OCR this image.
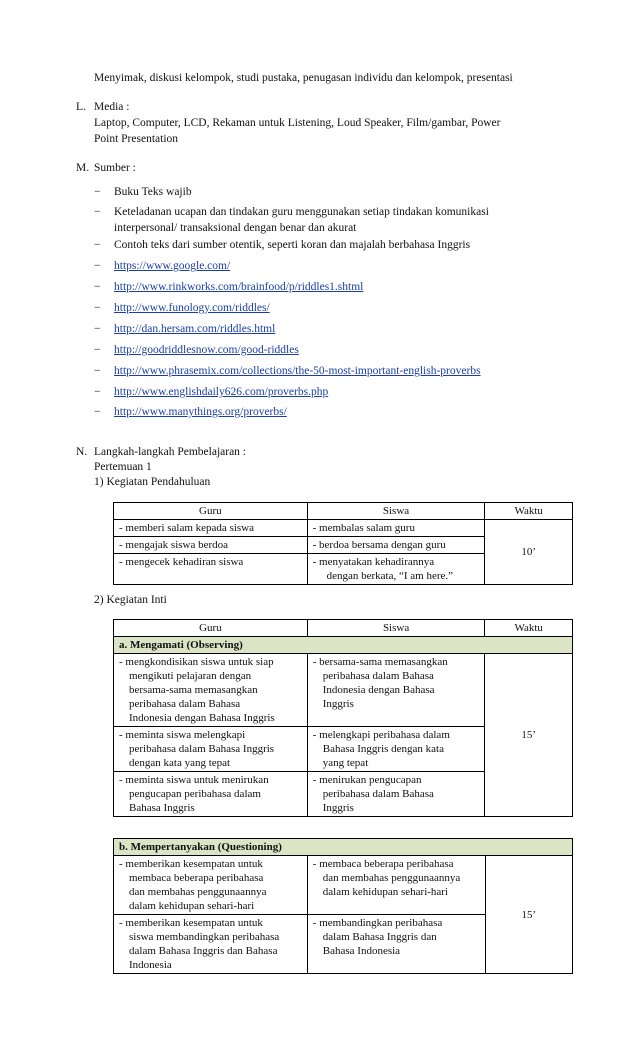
Menyimak, diskusi kelompok, studi pustaka, penugasan individu dan kelompok, presentasi
L. Media :
Laptop, Computer, LCD, Rekaman untuk Listening, Loud Speaker, Film/gambar, Power
Point Presentation
M. Sumber :
− Buku Teks wajib
− Keteladanan ucapan dan tindakan guru menggunakan setiap tindakan komunikasi
interpersonal/ transaksional dengan benar dan akurat
− Contoh teks dari sumber otentik, seperti koran dan majalah berbahasa Inggris
− https://www.google.com/
− http://www.rinkworks.com/brainfood/p/riddles1.shtml
− http://www.funology.com/riddles/
− http://dan.hersam.com/riddles.html
− http://goodriddlesnow.com/good-riddles
− http://www.phrasemix.com/collections/the-50-most-important-english-proverbs
− http://www.englishdaily626.com/proverbs.php
− http://www.manythings.org/proverbs/
N. Langkah-langkah Pembelajaran :
Pertemuan 1
1) Kegiatan Pendahuluan
Guru	Siswa	Waktu

- memberi salam kepada siswa	- membalas salam guru	10’

- mengajak siswa berdoa	- berdoa bersama dengan guru	

- mengecek kehadiran siswa	- menyatakan kehadirannya
dengan berkata, “I am here.”	
2) Kegiatan Inti
Guru	Siswa	Waktu
a. Mengamati (Observing)		

- mengkondisikan siswa untuk siap
mengikuti pelajaran dengan
bersama-sama memasangkan
peribahasa dalam Bahasa
Indonesia dengan Bahasa Inggris	- bersama-sama memasangkan
peribahasa dalam Bahasa
Indonesia dengan Bahasa
Inggris	15’

- meminta siswa melengkapi
peribahasa dalam Bahasa Inggris
dengan kata yang tepat	- melengkapi peribahasa dalam
Bahasa Inggris dengan kata
yang tepat	

- meminta siswa untuk menirukan
pengucapan peribahasa dalam
Bahasa Inggris	- menirukan pengucapan
peribahasa dalam Bahasa
Inggris	
b. Mempertanyakan (Questioning)		

- memberikan kesempatan untuk
membaca beberapa peribahasa
dan membahas penggunaannya
dalam kehidupan sehari-hari	- membaca beberapa peribahasa
dan membahas penggunaannya
dalam kehidupan sehari-hari	15’

- memberikan kesempatan untuk
siswa membandingkan peribahasa
dalam Bahasa Inggris dan Bahasa
Indonesia	- membandingkan peribahasa
dalam Bahasa Inggris dan
Bahasa Indonesia	
